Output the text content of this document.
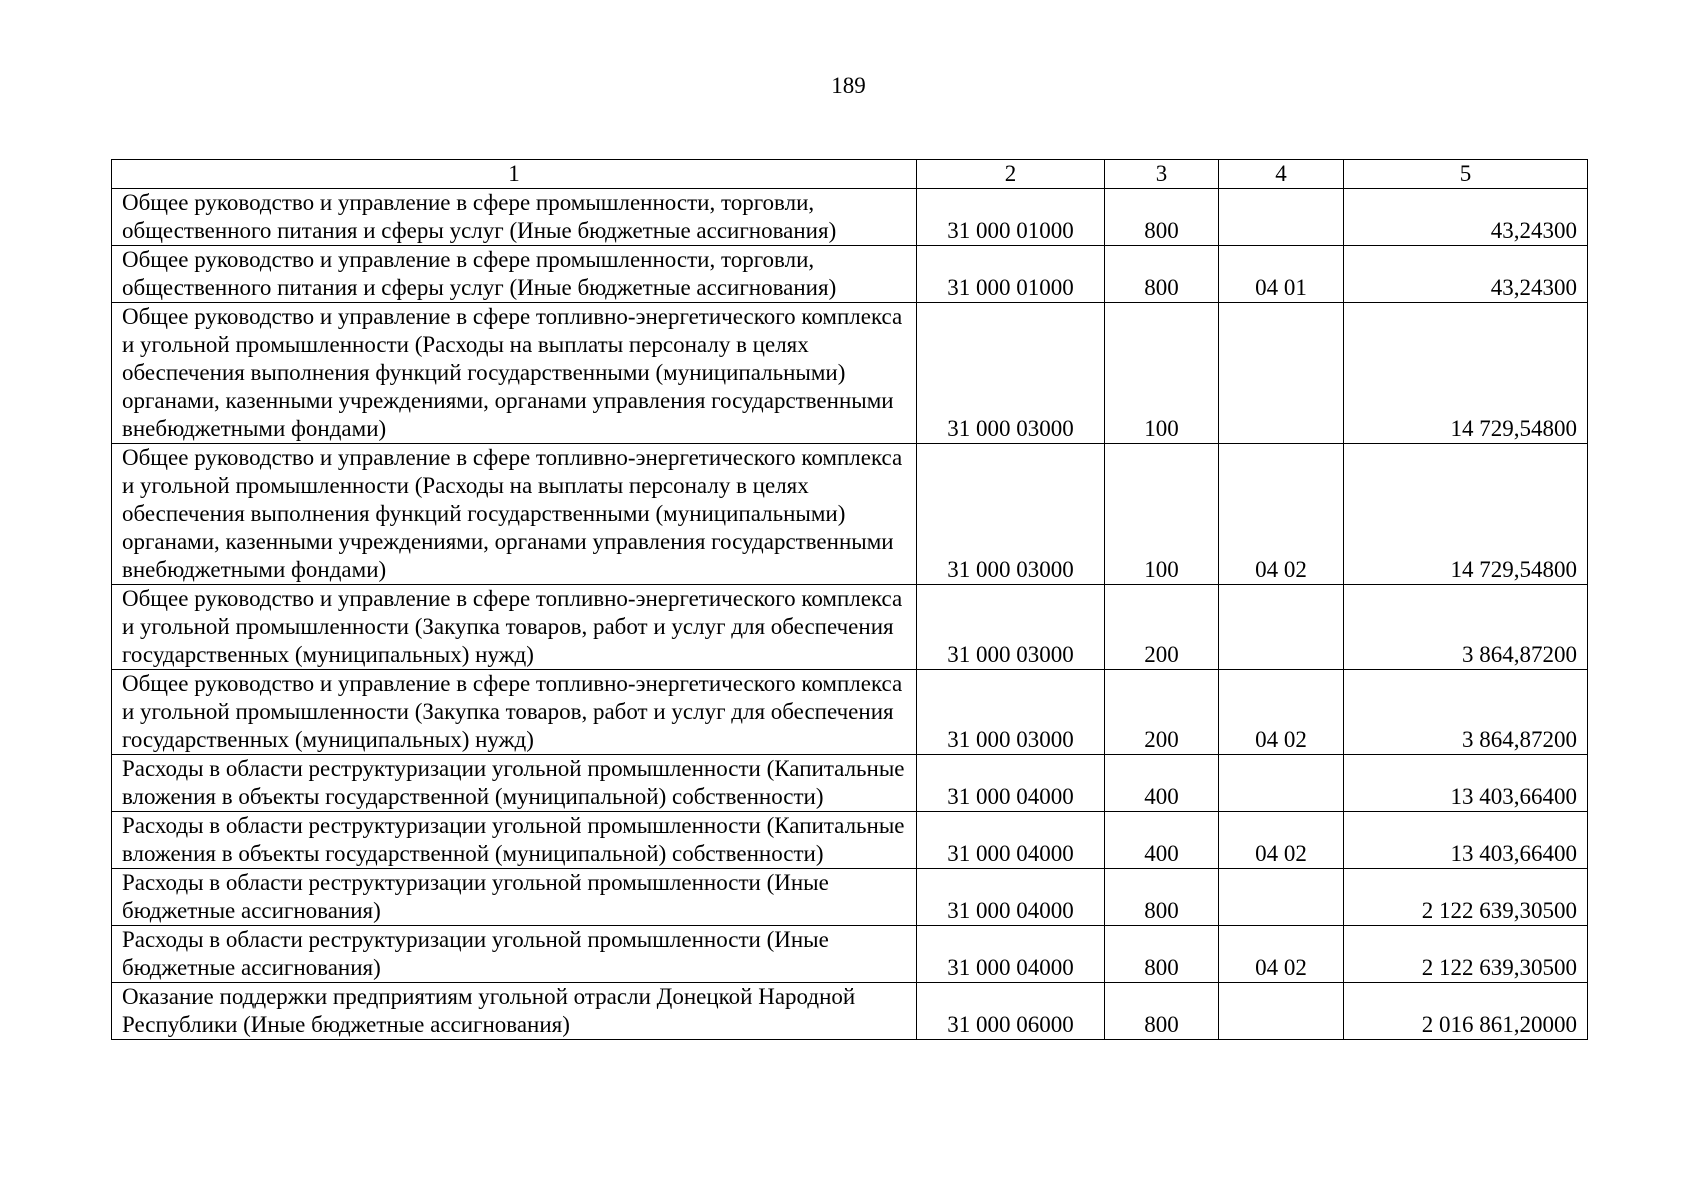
189
1	2	3	4	5
Общее руководство и управление в сфере промышленности, торговли, общественного питания и сферы услуг (Иные бюджетные ассигнования)	31 000 01000	800		43,24300
Общее руководство и управление в сфере промышленности, торговли, общественного питания и сферы услуг (Иные бюджетные ассигнования)	31 000 01000	800	04 01	43,24300
Общее руководство и управление в сфере топливно-энергетического комплекса и угольной промышленности (Расходы на выплаты персоналу в целях обеспечения выполнения функций государственными (муниципальными) органами, казенными учреждениями, органами управления государственными внебюджетными фондами)	31 000 03000	100		14 729,54800
Общее руководство и управление в сфере топливно-энергетического комплекса и угольной промышленности (Расходы на выплаты персоналу в целях обеспечения выполнения функций государственными (муниципальными) органами, казенными учреждениями, органами управления государственными внебюджетными фондами)	31 000 03000	100	04 02	14 729,54800
Общее руководство и управление в сфере топливно-энергетического комплекса и угольной промышленности (Закупка товаров, работ и услуг для обеспечения государственных (муниципальных) нужд)	31 000 03000	200		3 864,87200
Общее руководство и управление в сфере топливно-энергетического комплекса и угольной промышленности (Закупка товаров, работ и услуг для обеспечения государственных (муниципальных) нужд)	31 000 03000	200	04 02	3 864,87200
Расходы в области реструктуризации угольной промышленности (Капитальные вложения в объекты государственной (муниципальной) собственности)	31 000 04000	400		13 403,66400
Расходы в области реструктуризации угольной промышленности (Капитальные вложения в объекты государственной (муниципальной) собственности)	31 000 04000	400	04 02	13 403,66400
Расходы в области реструктуризации угольной промышленности (Иные бюджетные ассигнования)	31 000 04000	800		2 122 639,30500
Расходы в области реструктуризации угольной промышленности (Иные бюджетные ассигнования)	31 000 04000	800	04 02	2 122 639,30500
Оказание поддержки предприятиям угольной отрасли Донецкой Народной Республики (Иные бюджетные ассигнования)	31 000 06000	800		2 016 861,20000
